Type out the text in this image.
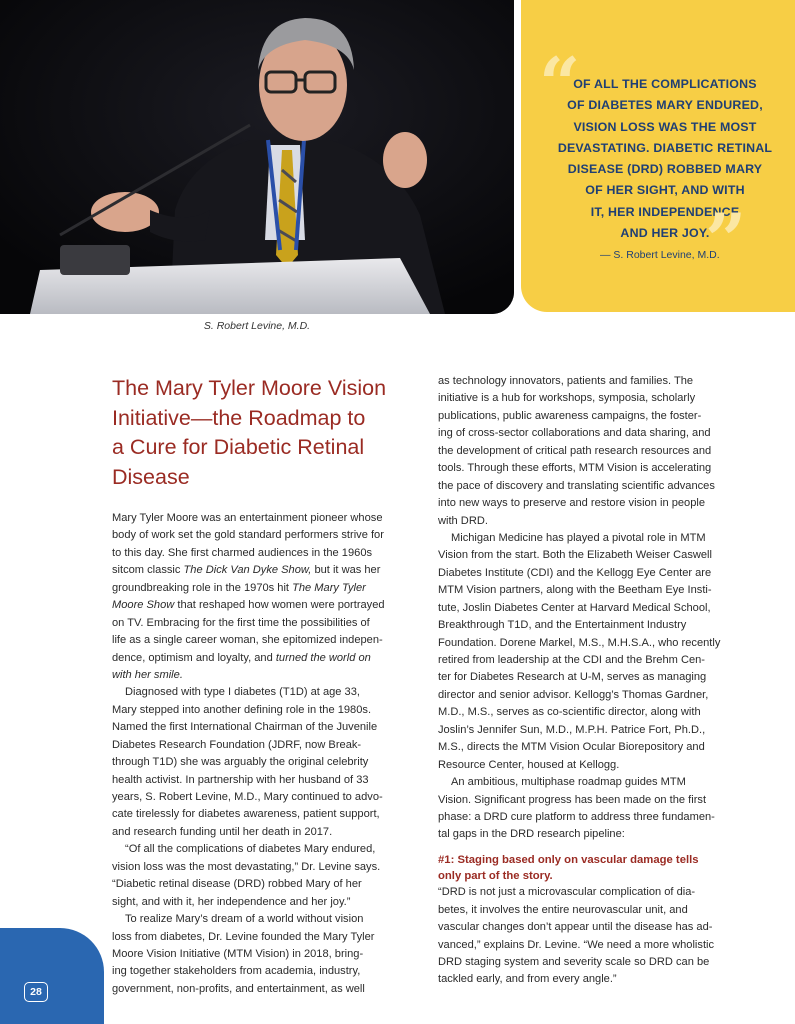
S. Robert Levine, M.D.
“
OF ALL THE COMPLICATIONS
OF DIABETES MARY ENDURED,
VISION LOSS WAS THE MOST
DEVASTATING. DIABETIC RETINAL
DISEASE (DRD) ROBBED MARY
OF HER SIGHT, AND WITH
IT, HER INDEPENDENCE
AND HER JOY.
”
— S. Robert Levine, M.D.
The Mary Tyler Moore Vision
Initiative—the Roadmap to
a Cure for Diabetic Retinal
Disease
Mary Tyler Moore was an entertainment pioneer whose
body of work set the gold standard performers strive for
to this day. She first charmed audiences in the 1960s
sitcom classic The Dick Van Dyke Show, but it was her
groundbreaking role in the 1970s hit The Mary Tyler
Moore Show that reshaped how women were portrayed
on TV. Embracing for the first time the possibilities of
life as a single career woman, she epitomized indepen-
dence, optimism and loyalty, and turned the world on
with her smile.
Diagnosed with type I diabetes (T1D) at age 33,
Mary stepped into another defining role in the 1980s.
Named the first International Chairman of the Juvenile
Diabetes Research Foundation (JDRF, now Break-
through T1D) she was arguably the original celebrity
health activist. In partnership with her husband of 33
years, S. Robert Levine, M.D., Mary continued to advo-
cate tirelessly for diabetes awareness, patient support,
and research funding until her death in 2017.
“Of all the complications of diabetes Mary endured,
vision loss was the most devastating,” Dr. Levine says.
“Diabetic retinal disease (DRD) robbed Mary of her
sight, and with it, her independence and her joy.”
To realize Mary’s dream of a world without vision
loss from diabetes, Dr. Levine founded the Mary Tyler
Moore Vision Initiative (MTM Vision) in 2018, bring-
ing together stakeholders from academia, industry,
government, non-profits, and entertainment, as well
as technology innovators, patients and families. The
initiative is a hub for workshops, symposia, scholarly
publications, public awareness campaigns, the foster-
ing of cross-sector collaborations and data sharing, and
the development of critical path research resources and
tools. Through these efforts, MTM Vision is accelerating
the pace of discovery and translating scientific advances
into new ways to preserve and restore vision in people
with DRD.
Michigan Medicine has played a pivotal role in MTM
Vision from the start. Both the Elizabeth Weiser Caswell
Diabetes Institute (CDI) and the Kellogg Eye Center are
MTM Vision partners, along with the Beetham Eye Insti-
tute, Joslin Diabetes Center at Harvard Medical School,
Breakthrough T1D, and the Entertainment Industry
Foundation. Dorene Markel, M.S., M.H.S.A., who recently
retired from leadership at the CDI and the Brehm Cen-
ter for Diabetes Research at U-M, serves as managing
director and senior advisor. Kellogg’s Thomas Gardner,
M.D., M.S., serves as co-scientific director, along with
Joslin’s Jennifer Sun, M.D., M.P.H. Patrice Fort, Ph.D.,
M.S., directs the MTM Vision Ocular Biorepository and
Resource Center, housed at Kellogg.
An ambitious, multiphase roadmap guides MTM
Vision. Significant progress has been made on the first
phase: a DRD cure platform to address three fundamen-
tal gaps in the DRD research pipeline:
#1: Staging based only on vascular damage tells
only part of the story.
“DRD is not just a microvascular complication of dia-
betes, it involves the entire neurovascular unit, and
vascular changes don’t appear until the disease has ad-
vanced,” explains Dr. Levine. “We need a more wholistic
DRD staging system and severity scale so DRD can be
tackled early, and from every angle.”
28
